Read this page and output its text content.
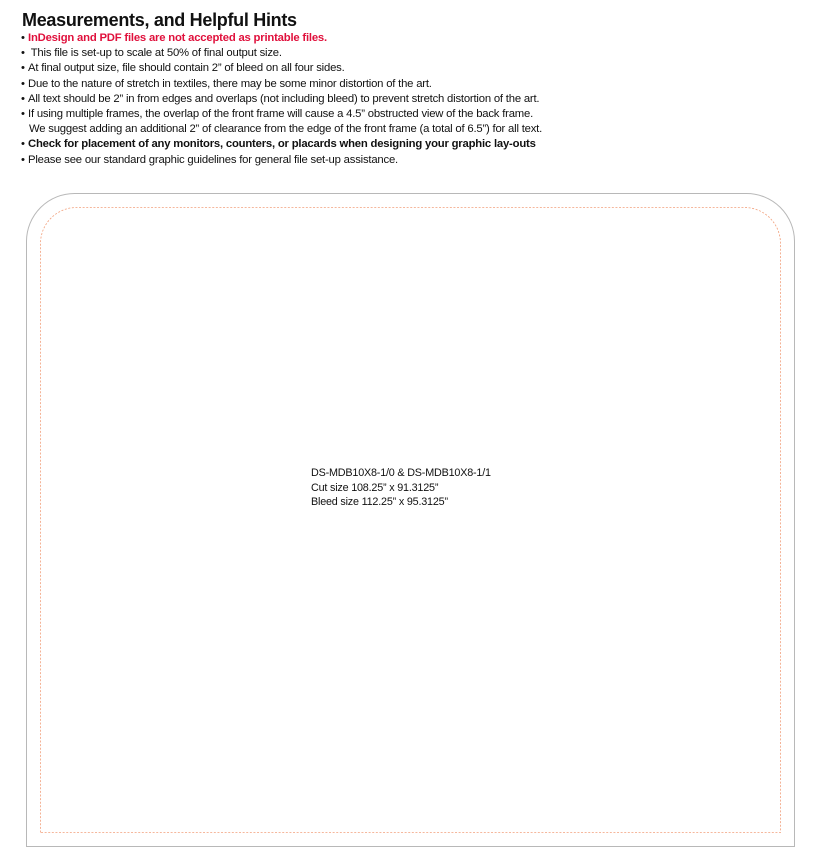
Measurements, and Helpful Hints
• InDesign and PDF files are not accepted as printable files.
• This file is set-up to scale at 50% of final output size.
• At final output size, file should contain 2” of bleed on all four sides.
• Due to the nature of stretch in textiles, there may be some minor distortion of the art.
• All text should be 2” in from edges and overlaps (not including bleed) to prevent stretch distortion of the art.
• If using multiple frames, the overlap of the front frame will cause a 4.5” obstructed view of the back frame.
We suggest adding an additional 2” of clearance from the edge of the front frame (a total of 6.5”) for all text.
• Check for placement of any monitors, counters, or placards when designing your graphic lay-outs
• Please see our standard graphic guidelines for general file set-up assistance.
DS-MDB10X8-1/0 & DS-MDB10X8-1/1
Cut size 108.25” x 91.3125”
Bleed size 112.25” x 95.3125”
